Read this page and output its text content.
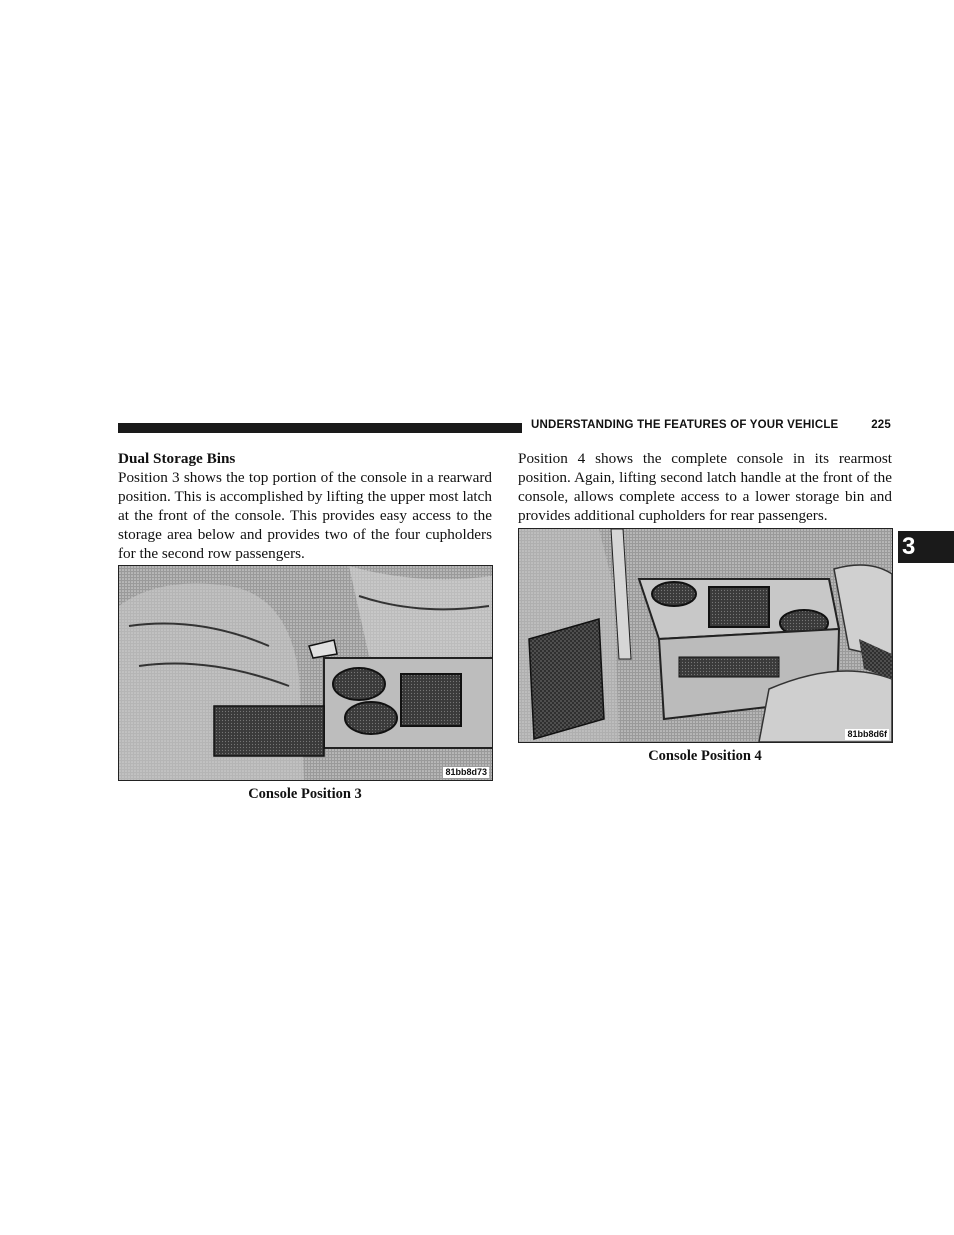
UNDERSTANDING THE FEATURES OF YOUR VEHICLE	225
3

Dual Storage Bins

Position 3 shows the top portion of the console in a rearward position. This is accomplished by lifting the upper most latch at the front of the console. This provides easy access to the storage area below and provides two of the four cupholders for the second row passengers.

Position 4 shows the complete console in its rearmost position. Again, lifting second latch handle at the front of the console, allows complete access to a lower storage bin and provides additional cupholders for rear passengers.

81bb8d73
Console Position 3
81bb8d6f
Console Position 4
